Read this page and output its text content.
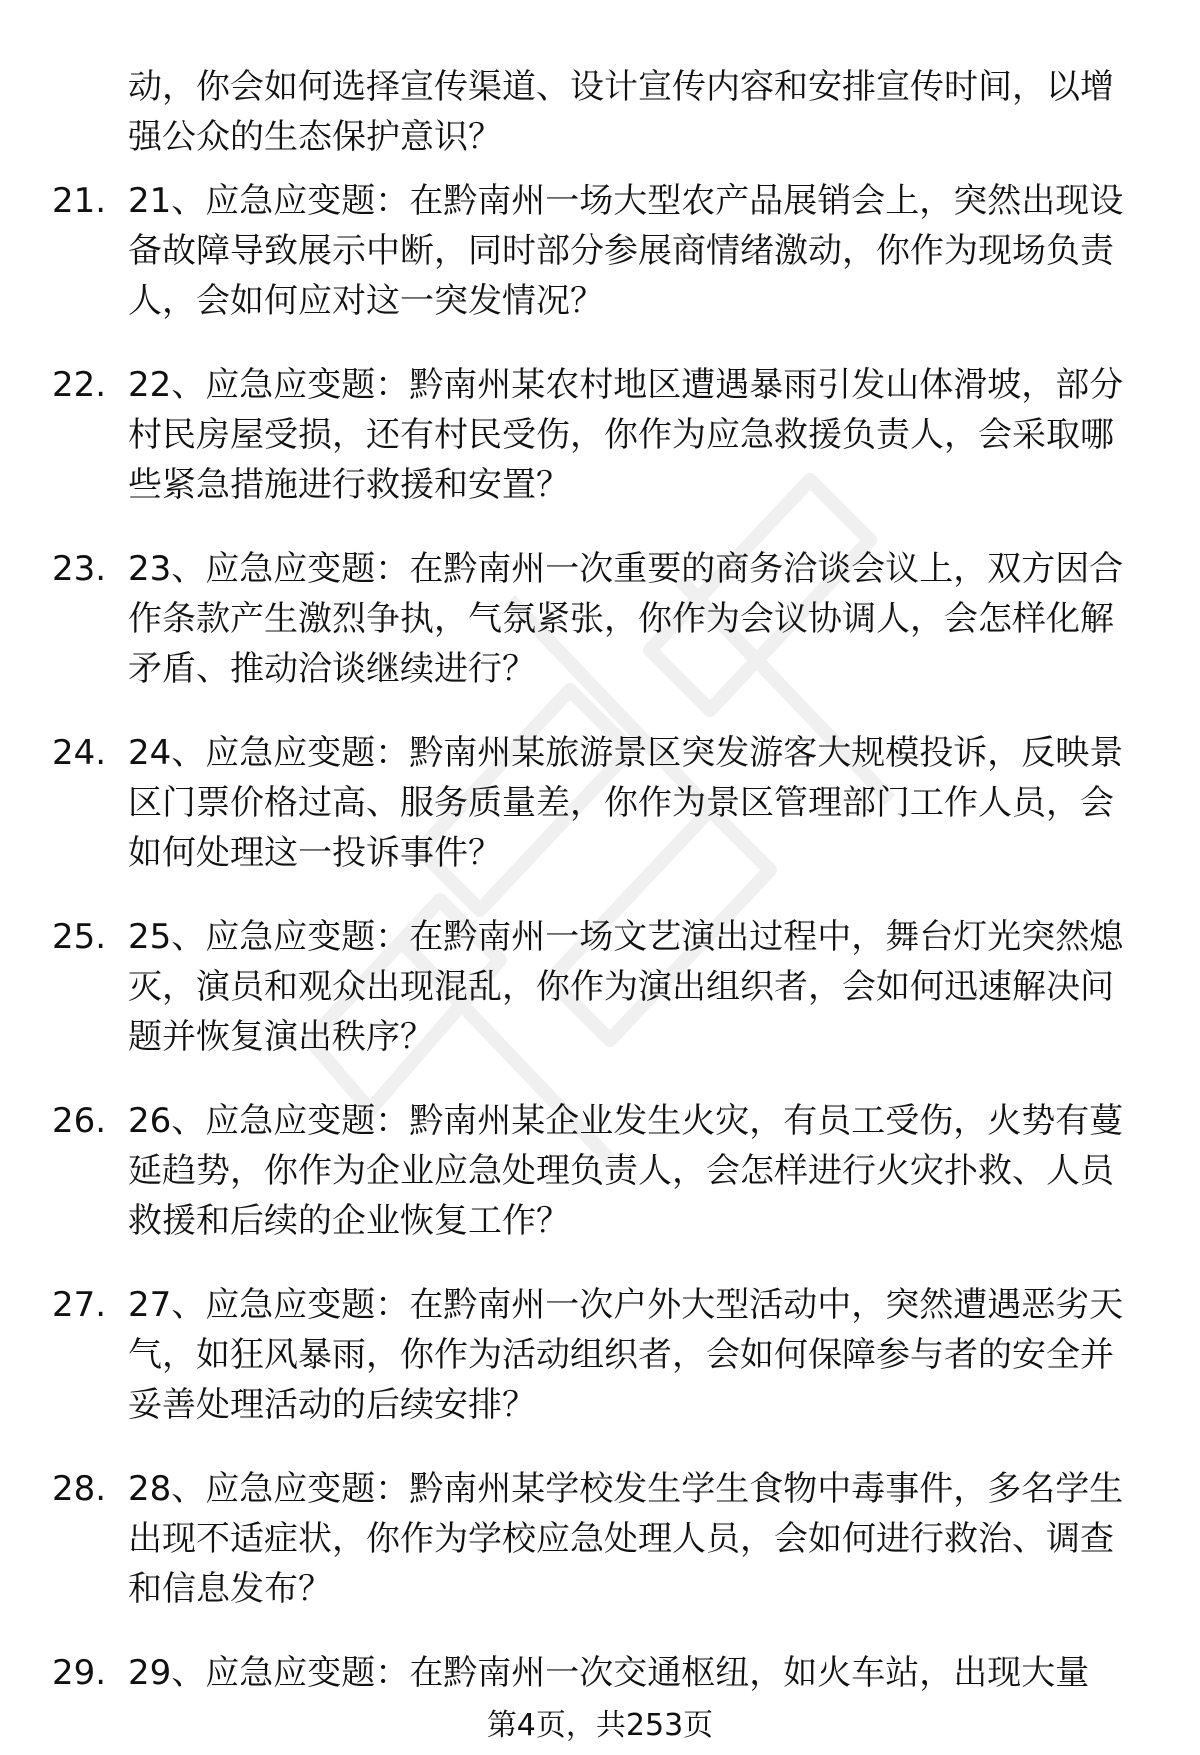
动，你会如何选择宣传渠道、设计宣传内容和安排宣传时间，以增强公众的生态保护意识？
21. 21、应急应变题：在黔南州一场大型农产品展销会上，突然出现设备故障导致展示中断，同时部分参展商情绪激动，你作为现场负责人，会如何应对这一突发情况？
22. 22、应急应变题：黔南州某农村地区遭遇暴雨引发山体滑坡，部分村民房屋受损，还有村民受伤，你作为应急救援负责人，会采取哪些紧急措施进行救援和安置？
23. 23、应急应变题：在黔南州一次重要的商务洽谈会议上，双方因合作条款产生激烈争执，气氛紧张，你作为会议协调人，会怎样化解矛盾、推动洽谈继续进行？
24. 24、应急应变题：黔南州某旅游景区突发游客大规模投诉，反映景区门票价格过高、服务质量差，你作为景区管理部门工作人员，会如何处理这一投诉事件？
25. 25、应急应变题：在黔南州一场文艺演出过程中，舞台灯光突然熄灭，演员和观众出现混乱，你作为演出组织者，会如何迅速解决问题并恢复演出秩序？
26. 26、应急应变题：黔南州某企业发生火灾，有员工受伤，火势有蔓延趋势，你作为企业应急处理负责人，会怎样进行火灾扑救、人员救援和后续的企业恢复工作？
27. 27、应急应变题：在黔南州一次户外大型活动中，突然遭遇恶劣天气，如狂风暴雨，你作为活动组织者，会如何保障参与者的安全并妥善处理活动的后续安排？
28. 28、应急应变题：黔南州某学校发生学生食物中毒事件，多名学生出现不适症状，你作为学校应急处理人员，会如何进行救治、调查和信息发布？
29. 29、应急应变题：在黔南州一次交通枢纽，如火车站，出现大量
第4页，共253页
